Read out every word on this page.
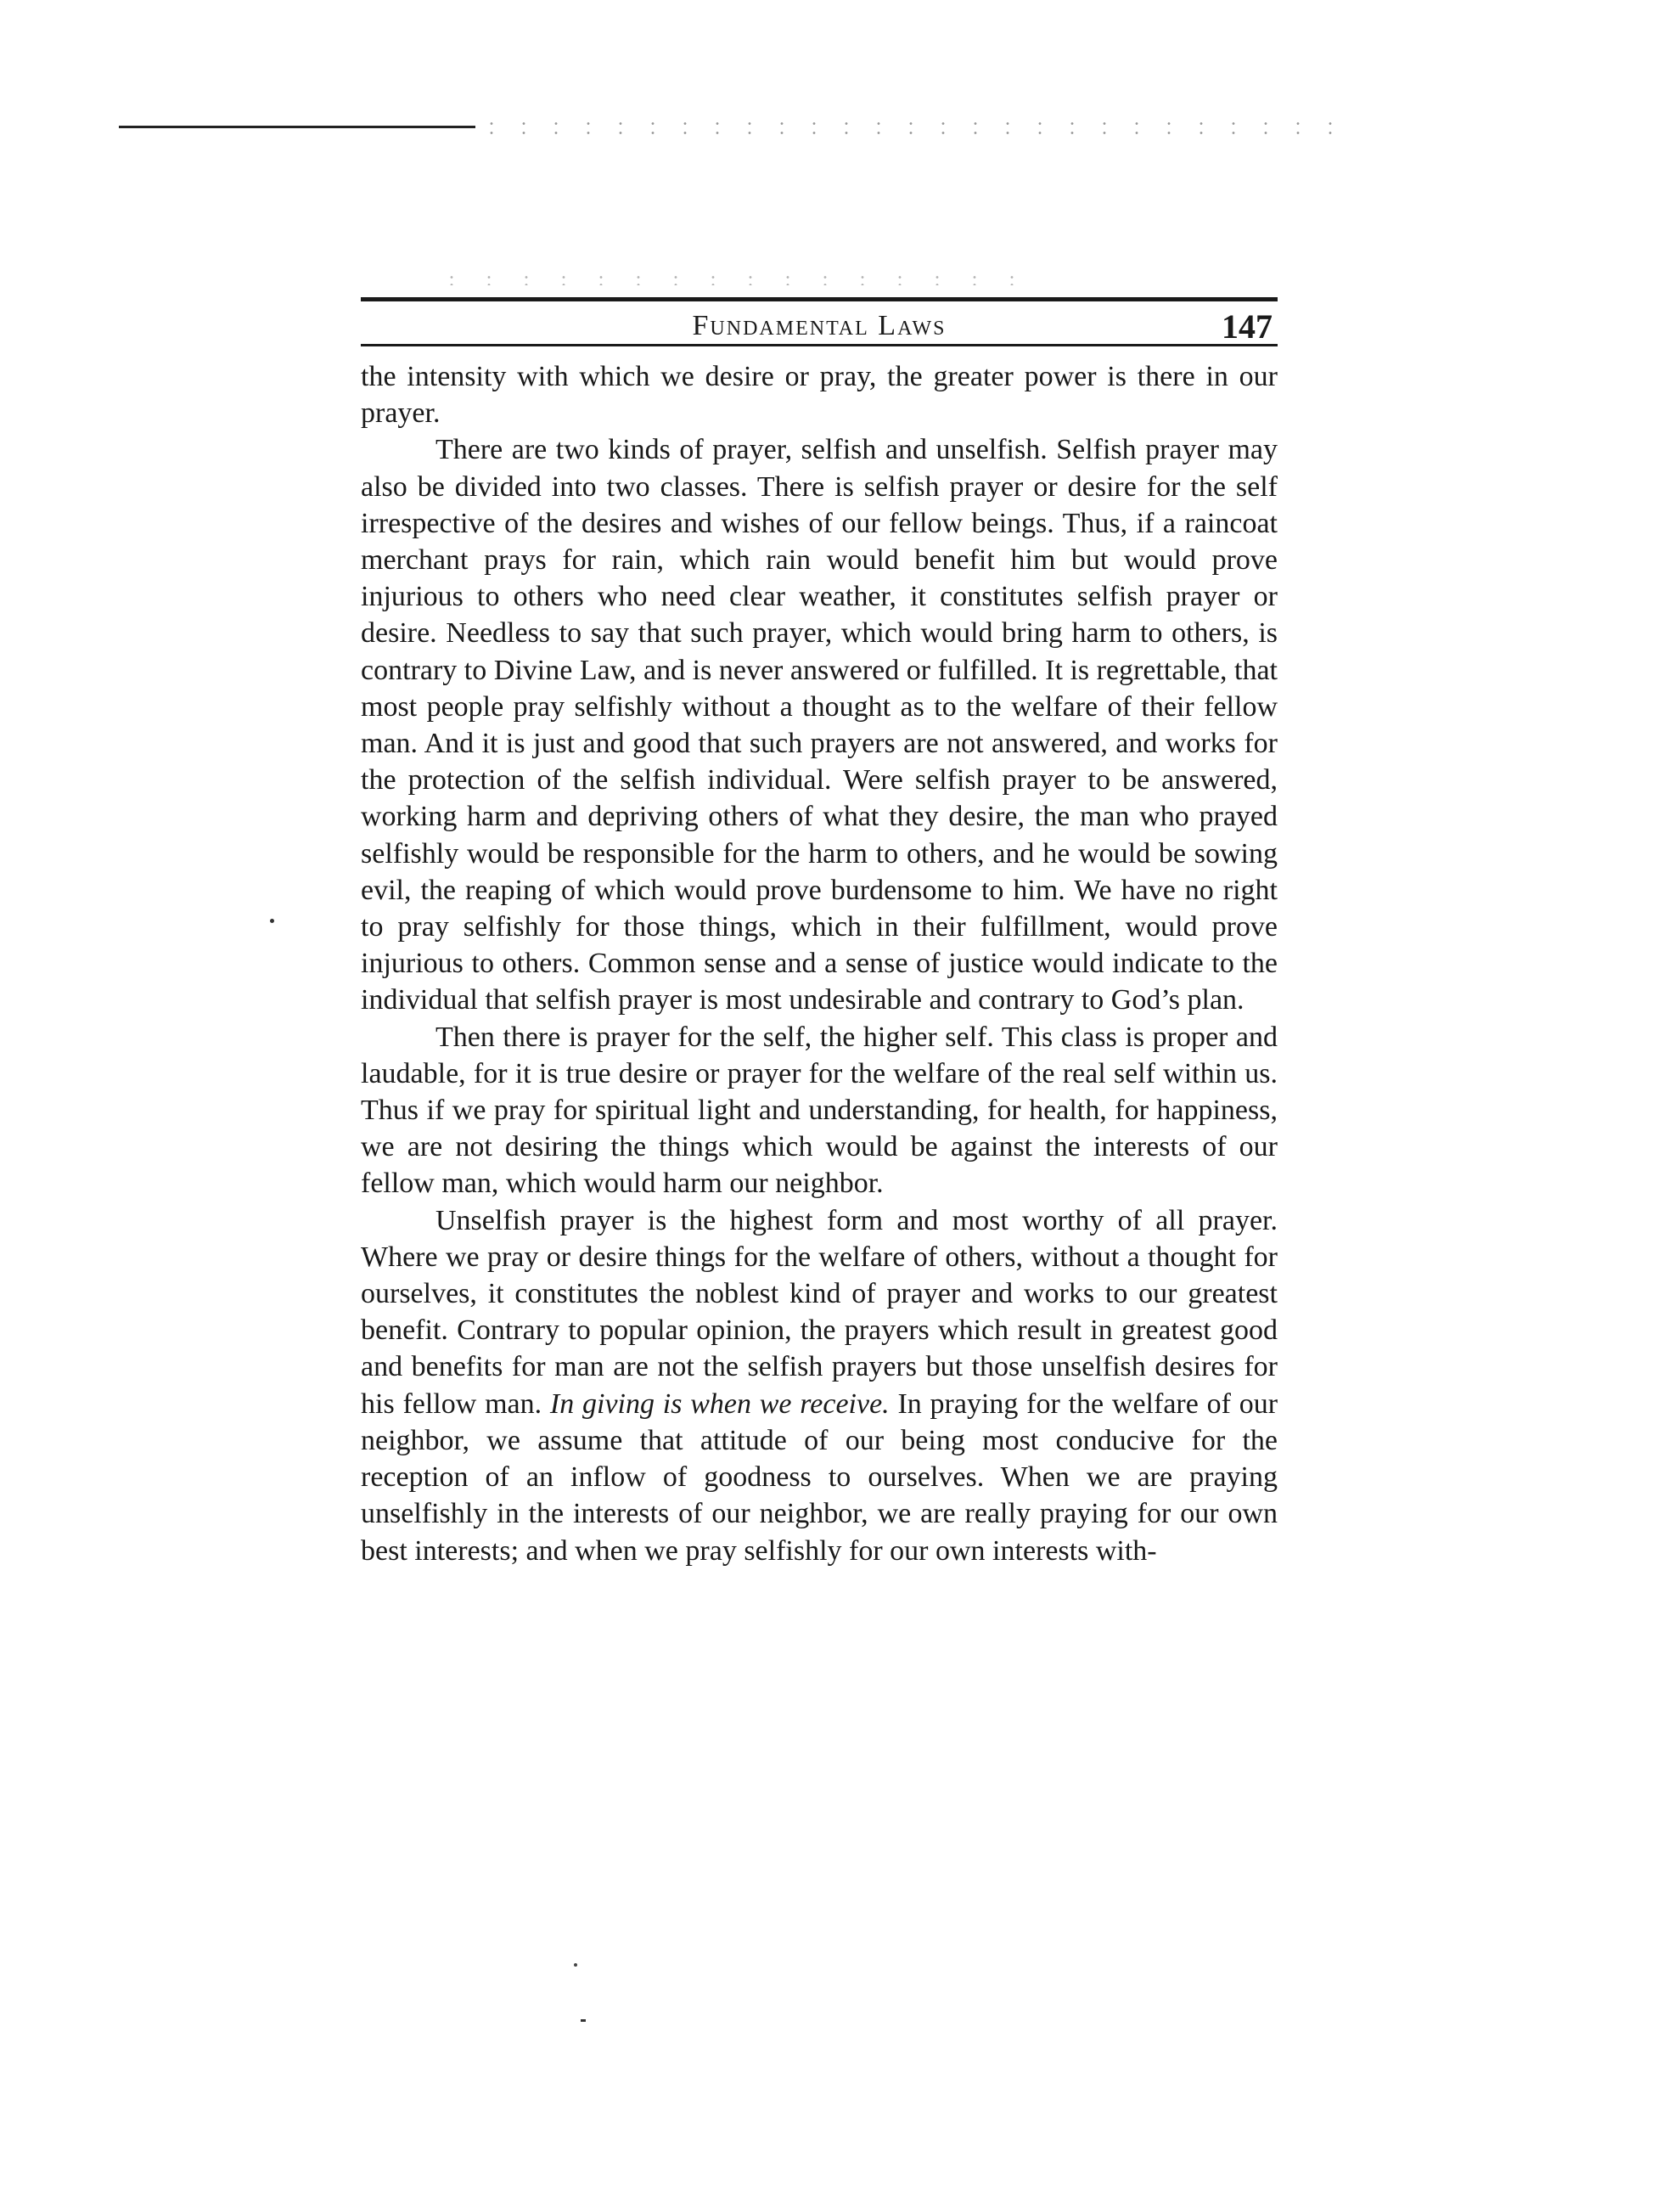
Fundamental Laws	147

the intensity with which we desire or pray, the greater power is there in our prayer.

There are two kinds of prayer, selfish and unselfish. Selfish prayer may also be divided into two classes. There is selfish prayer or desire for the self irrespective of the desires and wishes of our fellow beings. Thus, if a raincoat merchant prays for rain, which rain would benefit him but would prove injurious to others who need clear weather, it constitutes selfish prayer or desire. Needless to say that such prayer, which would bring harm to others, is contrary to Divine Law, and is never answered or fulfilled. It is regrettable, that most people pray selfishly without a thought as to the welfare of their fellow man. And it is just and good that such prayers are not answered, and works for the protection of the selfish individual. Were selfish prayer to be answered, working harm and depriving others of what they desire, the man who prayed selfishly would be responsible for the harm to others, and he would be sowing evil, the reaping of which would prove burdensome to him. We have no right to pray selfishly for those things, which in their fulfillment, would prove injurious to others. Common sense and a sense of justice would indicate to the individual that selfish prayer is most undesirable and contrary to God’s plan.

Then there is prayer for the self, the higher self. This class is proper and laudable, for it is true desire or prayer for the welfare of the real self within us. Thus if we pray for spiritual light and understanding, for health, for happiness, we are not desiring the things which would be against the interests of our fellow man, which would harm our neighbor.

Unselfish prayer is the highest form and most worthy of all prayer. Where we pray or desire things for the welfare of others, without a thought for ourselves, it constitutes the noblest kind of prayer and works to our greatest benefit. Contrary to popular opinion, the prayers which result in greatest good and benefits for man are not the selfish prayers but those unselfish desires for his fellow man. In giving is when we receive. In praying for the welfare of our neighbor, we assume that attitude of our being most conducive for the reception of an inflow of goodness to ourselves. When we are praying unselfishly in the interests of our neighbor, we are really praying for our own best interests; and when we pray selfishly for our own interests with-
